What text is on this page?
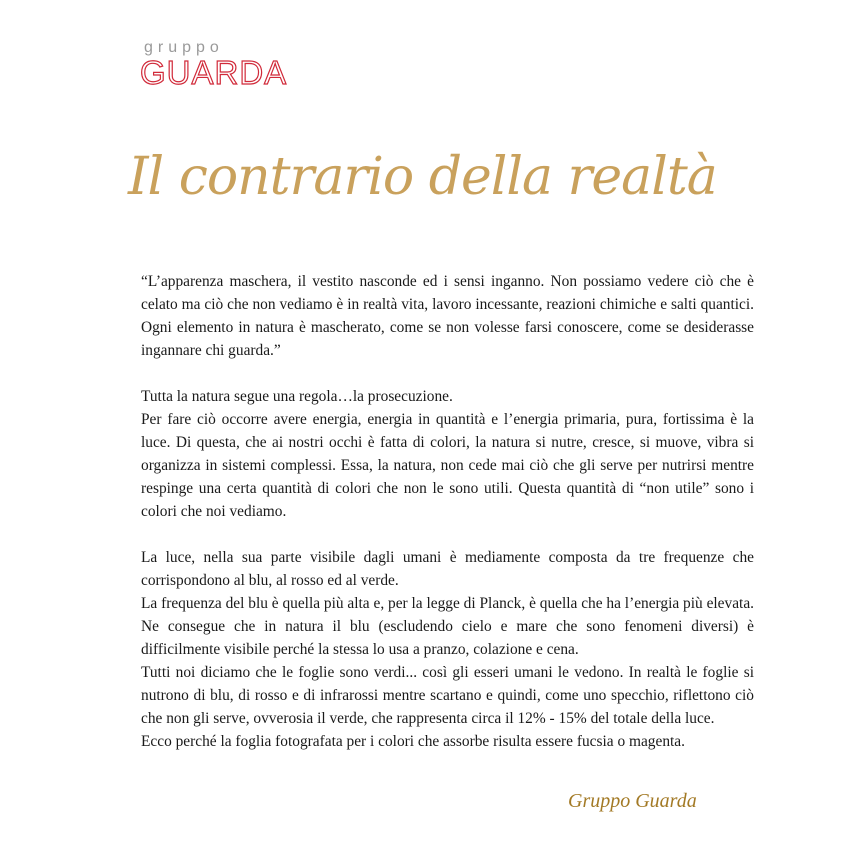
gruppo
GUARDA
Il contrario della realtà

“L’apparenza maschera, il vestito nasconde ed i sensi inganno. Non possiamo vedere ciò che è celato ma ciò che non vediamo è in realtà vita, lavoro incessante, reazioni chimiche e salti quantici. Ogni elemento in natura è mascherato, come se non volesse farsi conoscere, come se desiderasse ingannare chi guarda.”

Tutta la natura segue una regola…la prosecuzione.

Per fare ciò occorre avere energia, energia in quantità e l’energia primaria, pura, fortissima è la luce. Di questa, che ai nostri occhi è fatta di colori, la natura si nutre, cresce, si muove, vibra si organizza in sistemi complessi. Essa, la natura, non cede mai ciò che gli serve per nutrirsi mentre respinge una certa quantità di colori che non le sono utili. Questa quantità di “non utile” sono i colori che noi vediamo.

La luce, nella sua parte visibile dagli umani è mediamente composta da tre frequenze che corrispondono al blu, al rosso ed al verde.

La frequenza del blu è quella più alta e, per la legge di Planck, è quella che ha l’energia più elevata. Ne consegue che in natura il blu (escludendo cielo e mare che sono fenomeni diversi) è difficilmente visibile perché la stessa lo usa a pranzo, colazione e cena.

Tutti noi diciamo che le foglie sono verdi... così gli esseri umani le vedono. In realtà le foglie si nutrono di blu, di rosso e di infrarossi mentre scartano e quindi, come uno specchio, riflettono ciò che non gli serve, ovverosia il verde, che rappresenta circa il 12% - 15% del totale della luce.

Ecco perché la foglia fotografata per i colori che assorbe risulta essere fucsia o magenta.

Gruppo Guarda
